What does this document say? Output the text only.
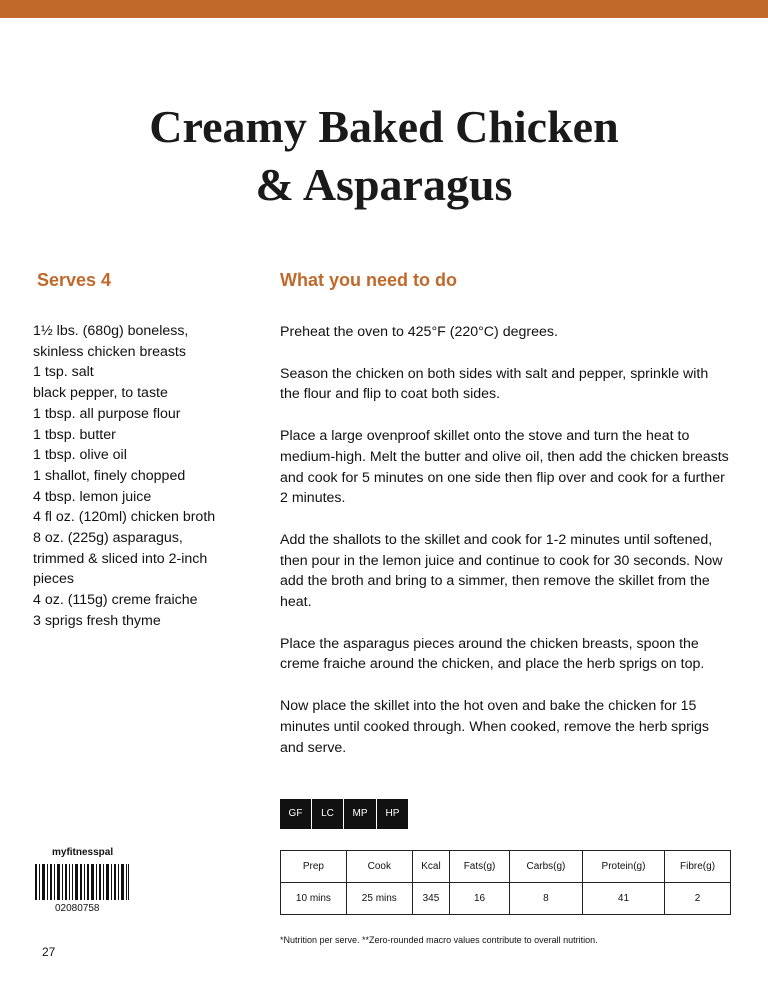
Creamy Baked Chicken
& Asparagus
Serves 4	What you need to do
1½ lbs. (680g) boneless,
skinless chicken breasts
1 tsp. salt
black pepper, to taste
1 tbsp. all purpose flour
1 tbsp. butter
1 tbsp. olive oil
1 shallot, finely chopped
4 tbsp. lemon juice
4 fl oz. (120ml) chicken broth
8 oz. (225g) asparagus,
trimmed & sliced into 2-inch
pieces
4 oz. (115g) creme fraiche
3 sprigs fresh thyme

Preheat the oven to 425°F (220°C) degrees.

Season the chicken on both sides with salt and pepper, sprinkle with the flour and flip to coat both sides.

Place a large ovenproof skillet onto the stove and turn the heat to medium-high. Melt the butter and olive oil, then add the chicken breasts and cook for 5 minutes on one side then flip over and cook for a further 2 minutes.

Add the shallots to the skillet and cook for 1-2 minutes until softened, then pour in the lemon juice and continue to cook for 30 seconds. Now add the broth and bring to a simmer, then remove the skillet from the heat.

Place the asparagus pieces around the chicken breasts, spoon the creme fraiche around the chicken, and place the herb sprigs on top.

Now place the skillet into the hot oven and bake the chicken for 15 minutes until cooked through. When cooked, remove the herb sprigs and serve.

GF	LC	MP	HP
myfitnesspal
02080758
27
Prep	Cook	Kcal	Fats(g)	Carbs(g)	Protein(g)	Fibre(g)
10 mins	25 mins	345	16	8	41	2
*Nutrition per serve. **Zero-rounded macro values contribute to overall nutrition.
